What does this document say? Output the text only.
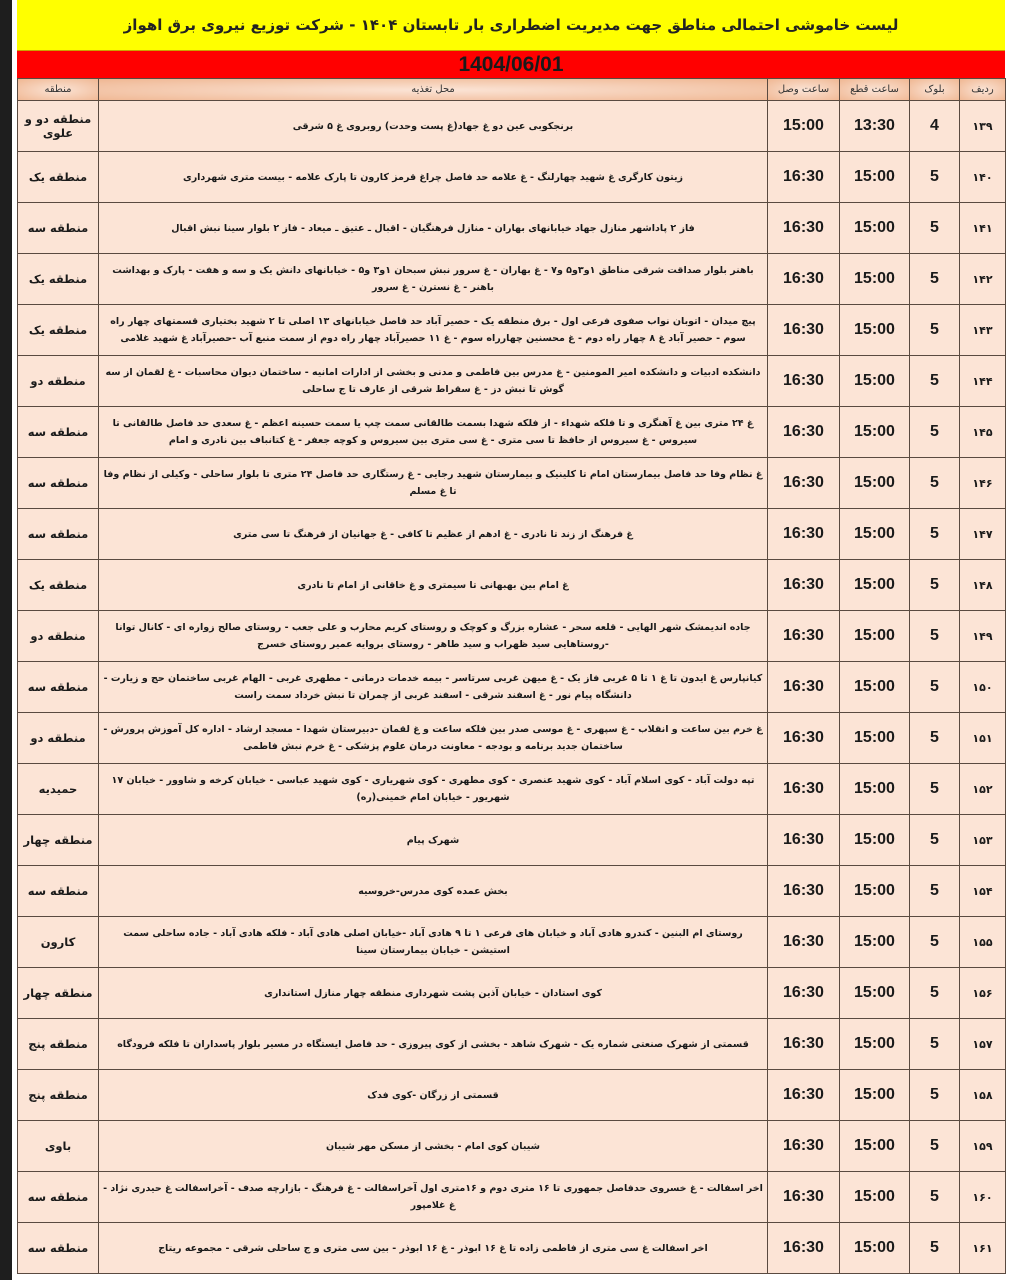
لیست خاموشی احتمالی مناطق جهت مدیریت اضطراری بار تابستان ۱۴۰۴ - شرکت توزیع نیروی برق اهواز
1404/06/01
ردیف	بلوک	ساعت قطع	ساعت وصل	محل تغذیه	منطقه
۱۳۹	4	13:30	15:00	برنجکوبی عین دو غ جهاد(غ پست وحدت) روبروی غ ۵ شرقی	منطقه دو و علوی
۱۴۰	5	15:00	16:30	زیتون کارگری غ شهید چهارلنگ - غ علامه حد فاصل چراغ قرمز کارون تا پارک علامه - بیست متری شهرداری	منطقه یک
۱۴۱	5	15:00	16:30	فاز ۲ پاداشهر منازل جهاد خیابانهای بهاران - منازل فرهنگیان - اقبال ـ عتیق ـ میعاد - فاز ۲ بلوار سینا نبش اقبال	منطقه سه
۱۴۲	5	15:00	16:30	باهنر بلوار صداقت شرقی مناطق ۱و۳و۵ و۷ - غ بهاران - غ سرور نبش سبحان ۱و۳ و۵ - خیابانهای دانش یک و سه و هفت - پارک و بهداشت باهنر - غ نسترن - غ سرور	منطقه یک
۱۴۳	5	15:00	16:30	پیچ میدان - اتوبان نواب صفوی فرعی اول - برق منطقه یک - حصیر آباد حد فاصل خیابانهای ۱۳ اصلی تا ۲ شهید بختیاری قسمتهای چهار راه سوم - حصیر آباد غ ۸ چهار راه دوم - غ محسنین چهارراه سوم - غ ۱۱ حصیرآباد چهار راه دوم از سمت منبع آب -حصیرآباد غ شهید غلامی	منطقه یک
۱۴۴	5	15:00	16:30	دانشکده ادبیات و دانشکده امیر المومنین - غ مدرس بین فاطمی و مدنی و بخشی از ادارات امانیه - ساختمان دیوان محاسبات - غ لقمان از سه گوش تا نبش دز - غ سقراط شرقی از عارف تا ج ساحلی	منطقه دو
۱۴۵	5	15:00	16:30	غ ۲۴ متری بین غ آهنگری و تا فلکه شهداء - از فلکه شهدا بسمت طالقانی سمت چپ یا سمت حسینه اعظم - غ سعدی حد فاصل طالقانی تا سیروس - غ سیروس از حافظ تا سی متری - غ سی متری بین سیروس و کوچه جعفر - غ کتانباف بین نادری و امام	منطقه سه
۱۴۶	5	15:00	16:30	غ نظام وفا حد فاصل بیمارستان امام تا کلینیک و بیمارستان شهید رجایی - غ رستگاری حد فاصل ۲۴ متری تا بلوار ساحلی - وکیلی از نظام وفا تا غ مسلم	منطقه سه
۱۴۷	5	15:00	16:30	غ فرهنگ از زند تا نادری - غ ادهم از عظیم تا کافی - غ جهانیان از فرهنگ تا سی متری	منطقه سه
۱۴۸	5	15:00	16:30	غ امام بین بهبهانی تا سیمتری و غ خاقانی از امام تا نادری	منطقه یک
۱۴۹	5	15:00	16:30	جاده اندیمشک شهر الهایی - قلعه سحر - عشاره بزرگ و کوچک و روستای کریم محارب و علی جعب - روستای صالح زواره ای - کانال توانا -روستاهایی سید ظهراب و سید طاهر - روستای بروایه عمیر روستای خسرج	منطقه دو
۱۵۰	5	15:00	16:30	کیانپارس غ ایدون تا غ ۱ تا ۵ غربی فاز یک - غ میهن غربی سرتاسر - بیمه خدمات درمانی - مطهری غربی - الهام غربی ساختمان حج و زیارت - دانشگاه پیام نور - غ اسفند شرقی - اسفند غربی از چمران تا نبش خرداد سمت راست	منطقه سه
۱۵۱	5	15:00	16:30	غ خرم بین ساعت و انقلاب - غ سپهری - غ موسی صدر بین فلکه ساعت و غ لقمان -دبیرستان شهدا - مسجد ارشاد - اداره کل آموزش پرورش - ساختمان جدید برنامه و بودجه - معاونت درمان علوم پزشکی - غ خرم نبش فاطمی	منطقه دو
۱۵۲	5	15:00	16:30	تپه دولت آباد - کوی اسلام آباد - کوی شهید عنصری - کوی مطهری - کوی شهریاری - کوی شهید عباسی - خیابان کرخه و شاوور - خیابان ۱۷ شهریور - خیابان امام خمینی(ره)	حمیدیه
۱۵۳	5	15:00	16:30	شهرک پیام	منطقه چهار
۱۵۴	5	15:00	16:30	بخش عمده کوی مدرس-خروسیه	منطقه سه
۱۵۵	5	15:00	16:30	روستای ام البنین - کندرو هادی آباد و خیابان های فرعی ۱ تا ۹ هادی آباد -خیابان اصلی هادی آباد - فلکه هادی آباد - جاده ساحلی سمت استیشن - خیابان بیمارستان سینا	کارون
۱۵۶	5	15:00	16:30	کوی استادان - خیابان آذین پشت شهرداری منطقه چهار منازل استانداری	منطقه چهار
۱۵۷	5	15:00	16:30	قسمتی از شهرک صنعتی شماره یک - شهرک شاهد - بخشی از کوی پیروزی - حد فاصل ایستگاه در مسیر بلوار پاسداران تا فلکه فرودگاه	منطقه پنج
۱۵۸	5	15:00	16:30	قسمتی از زرگان -کوی فدک	منطقه پنج
۱۵۹	5	15:00	16:30	شیبان کوی امام - بخشی از مسکن مهر شیبان	باوی
۱۶۰	5	15:00	16:30	اخر اسفالت - غ خسروی حدفاصل جمهوری تا ۱۶ متری دوم و ۱۶متری اول آخراسفالت - غ فرهنگ - بازارچه صدف - آخراسفالت غ حیدری نژاد - غ غلامپور	منطقه سه
۱۶۱	5	15:00	16:30	اخر اسفالت غ سی متری از فاطمی زاده تا غ ۱۶ ابوذر - غ ۱۶ ابوذر - بین سی متری و ج ساحلی شرقی - مجموعه ریتاج	منطقه سه
